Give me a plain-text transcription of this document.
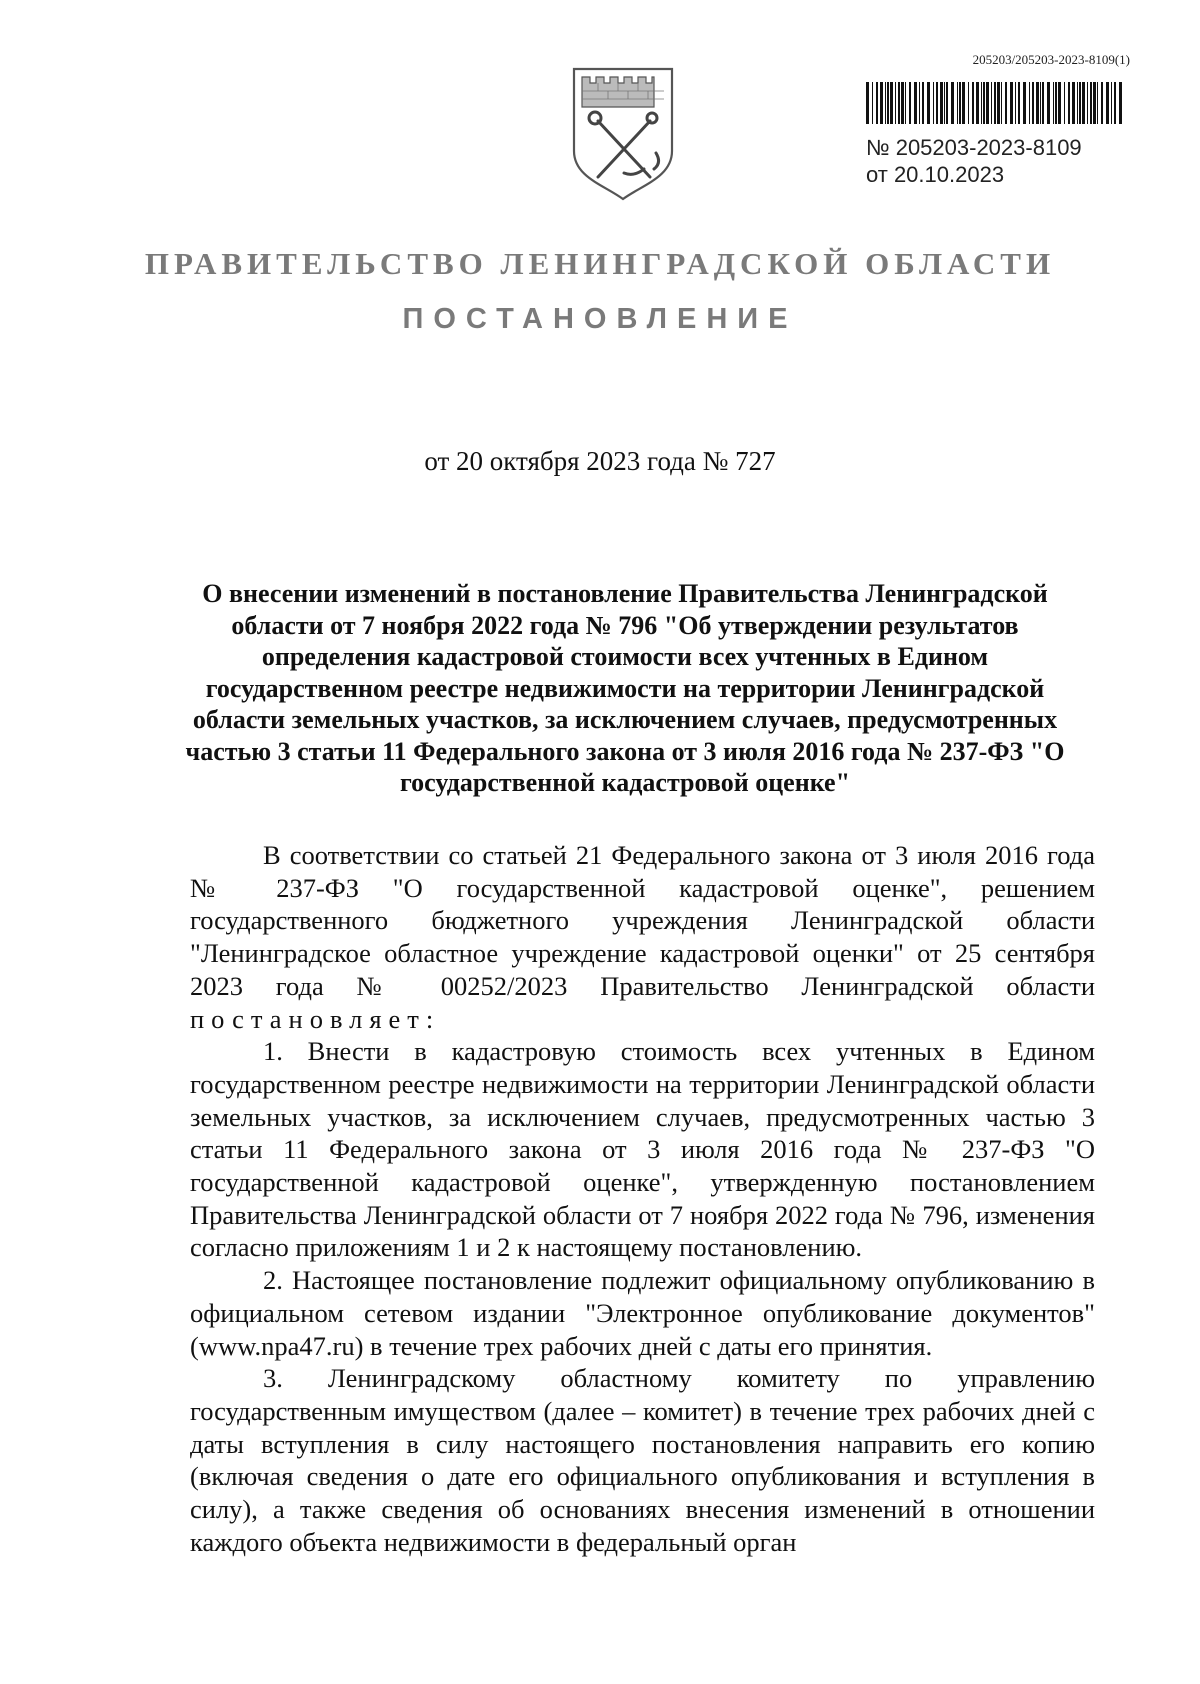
205203/205203-2023-8109(1)
№ 205203-2023-8109
от 20.10.2023
ПРАВИТЕЛЬСТВО ЛЕНИНГРАДСКОЙ ОБЛАСТИ
ПОСТАНОВЛЕНИЕ
от 20 октября 2023 года № 727
О внесении изменений в постановление Правительства Ленинградской области от 7 ноября 2022 года № 796 "Об утверждении результатов определения кадастровой стоимости всех учтенных в Едином государственном реестре недвижимости на территории Ленинградской области земельных участков, за исключением случаев, предусмотренных частью 3 статьи 11 Федерального закона от 3 июля 2016 года № 237-ФЗ "О государственной кадастровой оценке"

В соответствии со статьей 21 Федерального закона от 3 июля 2016 года № 237-ФЗ "О государственной кадастровой оценке", решением государственного бюджетного учреждения Ленинградской области "Ленинградское областное учреждение кадастровой оценки" от 25 сентября 2023 года № 00252/2023 Правительство Ленинградской области постановляет:

1. Внести в кадастровую стоимость всех учтенных в Едином государственном реестре недвижимости на территории Ленинградской области земельных участков, за исключением случаев, предусмотренных частью 3 статьи 11 Федерального закона от 3 июля 2016 года № 237-ФЗ "О государственной кадастровой оценке", утвержденную постановлением Правительства Ленинградской области от 7 ноября 2022 года № 796, изменения согласно приложениям 1 и 2 к настоящему постановлению.

2. Настоящее постановление подлежит официальному опубликованию в официальном сетевом издании "Электронное опубликование документов" (www.npa47.ru) в течение трех рабочих дней с даты его принятия.

3. Ленинградскому областному комитету по управлению государственным имуществом (далее – комитет) в течение трех рабочих дней с даты вступления в силу настоящего постановления направить его копию (включая сведения о дате его официального опубликования и вступления в силу), а также сведения об основаниях внесения изменений в отношении каждого объекта недвижимости в федеральный орган
